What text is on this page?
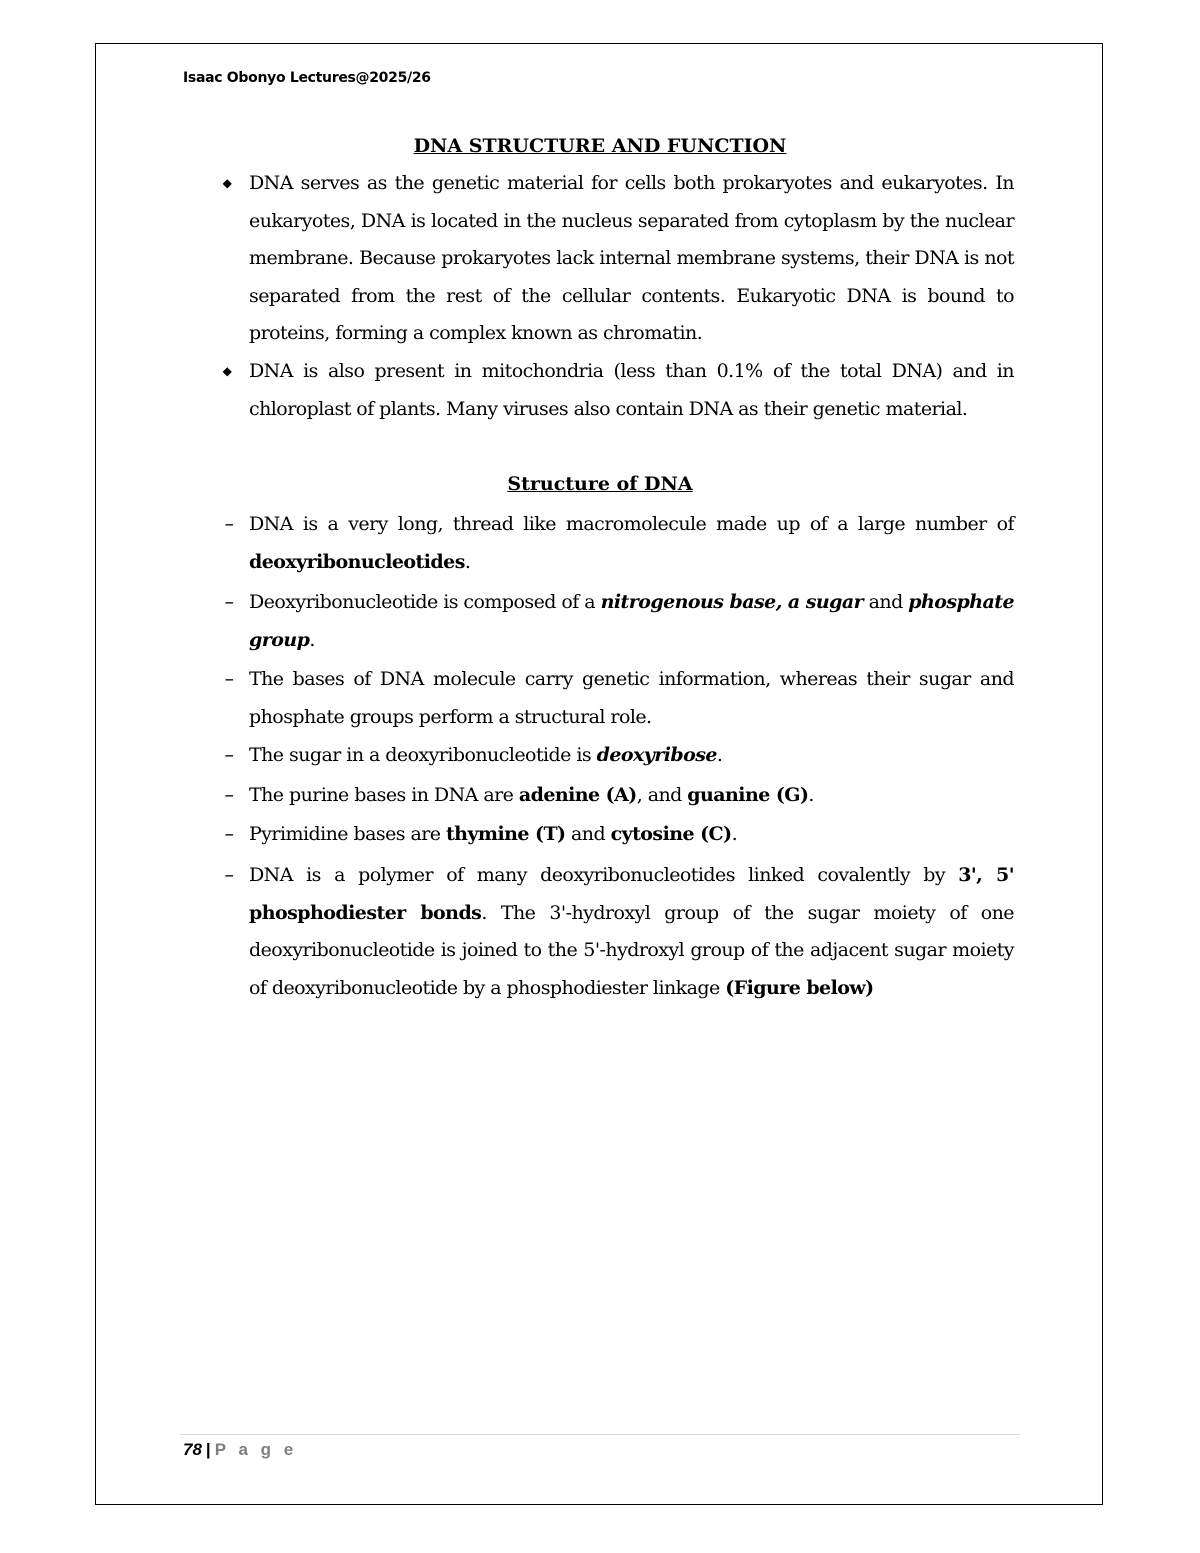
Isaac Obonyo Lectures@2025/26
DNA STRUCTURE AND FUNCTION
◆ DNA serves as the genetic material for cells both prokaryotes and eukaryotes. In eukaryotes, DNA is located in the nucleus separated from cytoplasm by the nuclear membrane. Because prokaryotes lack internal membrane systems, their DNA is not separated from the rest of the cellular contents. Eukaryotic DNA is bound to proteins, forming a complex known as chromatin.
◆ DNA is also present in mitochondria (less than 0.1% of the total DNA) and in chloroplast of plants. Many viruses also contain DNA as their genetic material.
Structure of DNA
– DNA is a very long, thread like macromolecule made up of a large number of deoxyribonucleotides.
– Deoxyribonucleotide is composed of a nitrogenous base, a sugar and phosphate group.
– The bases of DNA molecule carry genetic information, whereas their sugar and phosphate groups perform a structural role.
– The sugar in a deoxyribonucleotide is deoxyribose.
– The purine bases in DNA are adenine (A), and guanine (G).
– Pyrimidine bases are thymine (T) and cytosine (C).
– DNA is a polymer of many deoxyribonucleotides linked covalently by 3', 5' phosphodiester bonds. The 3'-hydroxyl group of the sugar moiety of one deoxyribonucleotide is joined to the 5'-hydroxyl group of the adjacent sugar moiety of deoxyribonucleotide by a phosphodiester linkage (Figure below)
78 | P a g e
